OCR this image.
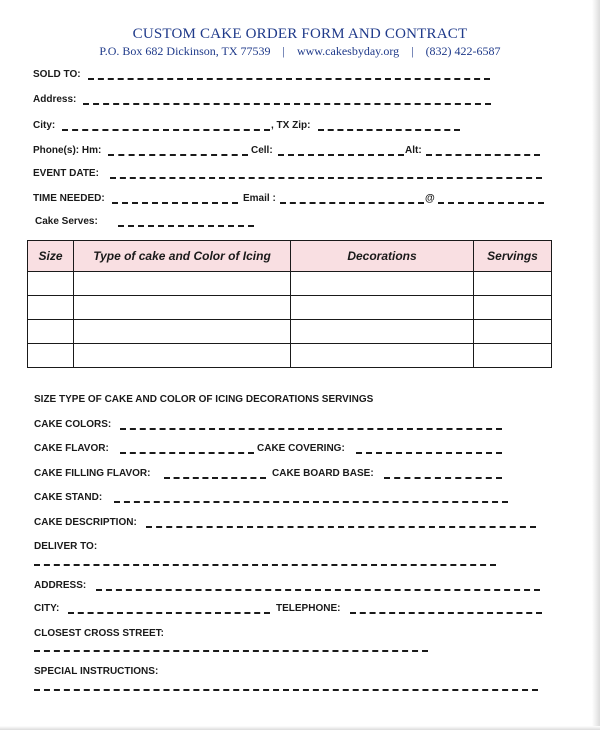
CUSTOM CAKE ORDER FORM AND CONTRACT
P.O. Box 682 Dickinson, TX 77539 | www.cakesbyday.org | (832) 422-6587
SOLD TO:
Address:
City:	, TX Zip:
Phone(s): Hm:	Cell:	Alt:
EVENT DATE:
TIME NEEDED:	Email :	@
Cake Serves:
Size	Type of cake and Color of Icing	Decorations	Servings

SIZE TYPE OF CAKE AND COLOR OF ICING DECORATIONS SERVINGS
CAKE COLORS:
CAKE FLAVOR:	CAKE COVERING:
CAKE FILLING FLAVOR:	CAKE BOARD BASE:
CAKE STAND:
CAKE DESCRIPTION:
DELIVER TO:
ADDRESS:
CITY:	TELEPHONE:
CLOSEST CROSS STREET:
SPECIAL INSTRUCTIONS:
